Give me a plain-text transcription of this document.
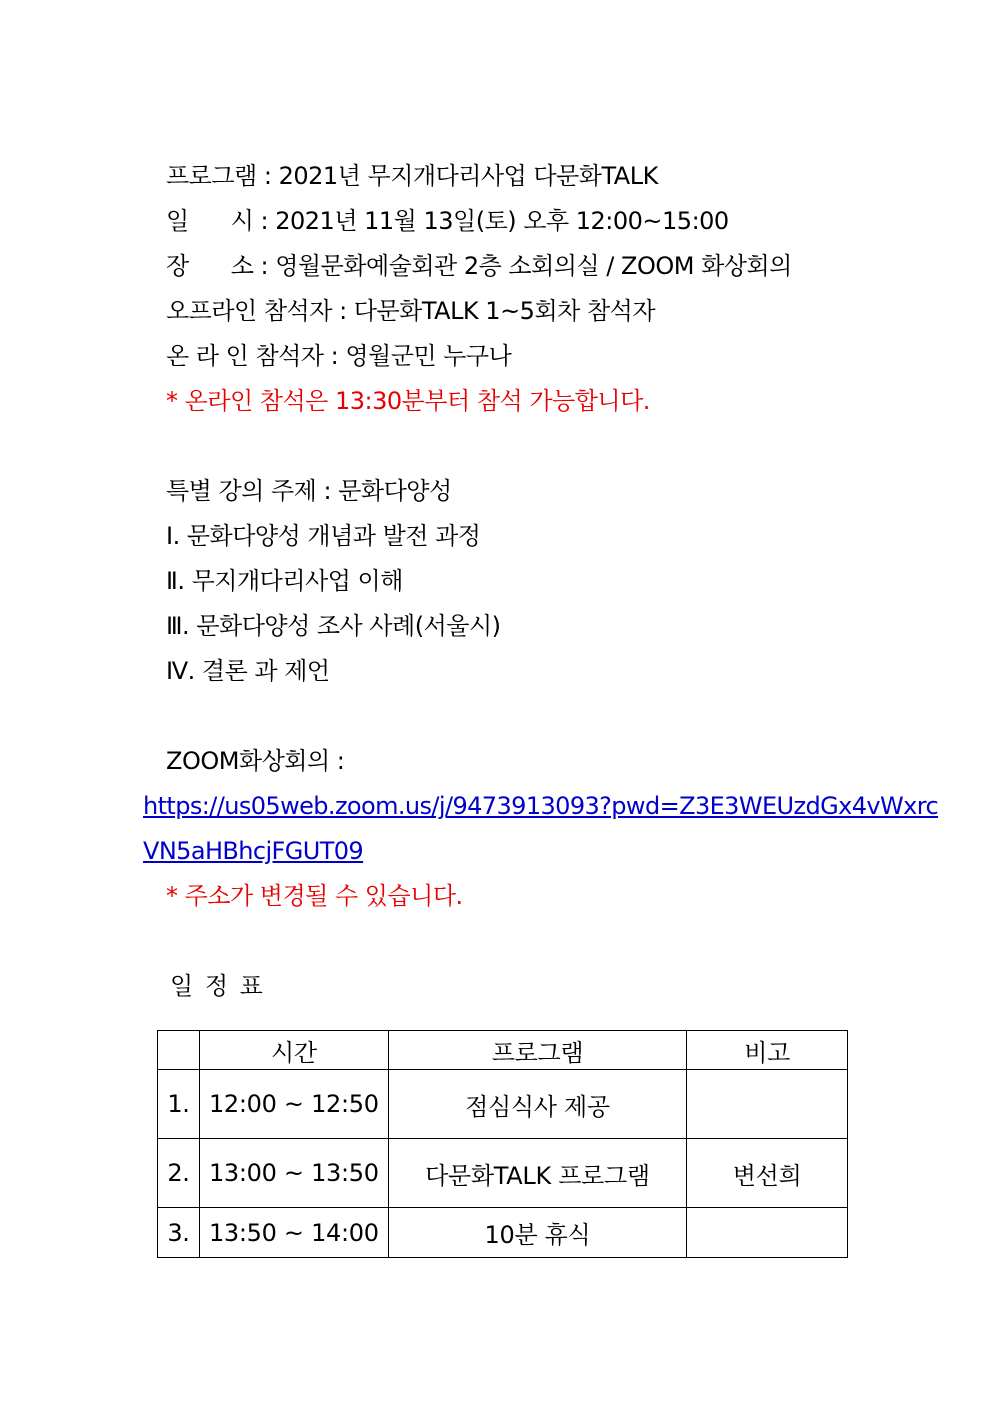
프로그램 : 2021년 무지개다리사업 다문화TALK
일 시 : 2021년 11월 13일(토) 오후 12:00~15:00
장 소 : 영월문화예술회관 2층 소회의실 / ZOOM 화상회의
오프라인 참석자 : 다문화TALK 1~5회차 참석자
온 라 인 참석자 : 영월군민 누구나
* 온라인 참석은 13:30분부터 참석 가능합니다.
특별 강의 주제 : 문화다양성
Ⅰ. 문화다양성 개념과 발전 과정
Ⅱ. 무지개다리사업 이해
Ⅲ. 문화다양성 조사 사례(서울시)
Ⅳ. 결론 과 제언
ZOOM화상회의 :
https://us05web.zoom.us/j/9473913093?pwd=Z3E3WEUzdGx4vWxrc
VN5aHBhcjFGUT09
* 주소가 변경될 수 있습니다.
일 정 표
	시간	프로그램	비고
1.	12:00 ~ 12:50	점심식사 제공	
2.	13:00 ~ 13:50	다문화TALK 프로그램	변선희
3.	13:50 ~ 14:00	10분 휴식	
